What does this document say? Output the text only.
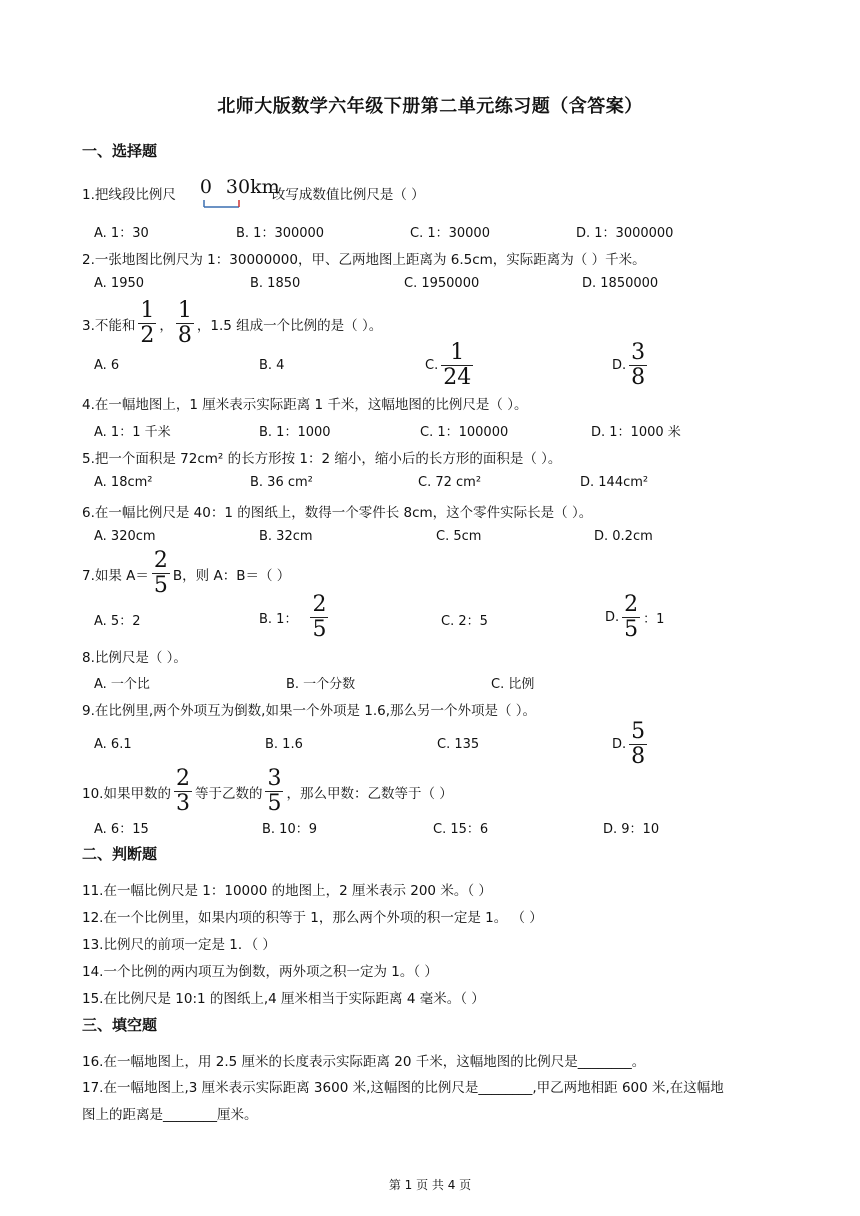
北师大版数学六年级下册第二单元练习题（含答案）
一、选择题
1.把线段比例尺 0 30km
改写成数值比例尺是（ ）
A. 1：30	B. 1：300000	C. 1：30000	D. 1：3000000
2.一张地图比例尺为 1：30000000，甲、乙两地图上距离为 6.5cm，实际距离为（ ）千米。
A. 1950	B. 1850	C. 1950000	D. 1850000
3.不能和 $\frac{1}{2}$ ， $\frac{1}{8}$ ，1.5 组成一个比例的是（ ）。
A. 6	B. 4	C. $\frac{1}{24}$	D. $\frac{3}{8}$
4.在一幅地图上，1 厘米表示实际距离 1 千米，这幅地图的比例尺是（ ）。
A. 1：1 千米	B. 1：1000	C. 1：100000	D. 1：1000 米
5.把一个面积是 72cm² 的长方形按 1：2 缩小，缩小后的长方形的面积是（ ）。
A. 18cm²	B. 36 cm²	C. 72 cm²	D. 144cm²
6.在一幅比例尺是 40：1 的图纸上，数得一个零件长 8cm，这个零件实际长是（ ）。
A. 320cm	B. 32cm	C. 5cm	D. 0.2cm
7.如果 $A= \frac{2}{5}$ B，则 A：B＝（ ）
A. 5：2	B. 1： $\frac{2}{5}$	C. 2：5	D. $\frac{2}{5}$ ：1
8.比例尺是（ ）。
A. 一个比	B. 一个分数	C. 比例
9.在比例里,两个外项互为倒数,如果一个外项是 1.6,那么另一个外项是（ ）。
A. 6.1	B. 1.6	C. 135	D. $\frac{5}{8}$
10.如果甲数的 $\frac{2}{3}$ 等于乙数的 $\frac{3}{5}$ ，那么甲数：乙数等于（ ）
A. 6：15	B. 10：9	C. 15：6	D. 9：10
二、判断题
11.在一幅比例尺是 1：10000 的地图上，2 厘米表示 200 米。（ ）
12.在一个比例里，如果内项的积等于 1，那么两个外项的积一定是 1。 （ ）
13.比例尺的前项一定是 1．（ ）
14.一个比例的两内项互为倒数，两外项之积一定为 1。（ ）
15.在比例尺是 10:1 的图纸上,4 厘米相当于实际距离 4 毫米。（ ）
三、填空题
16.在一幅地图上，用 2.5 厘米的长度表示实际距离 20 千米，这幅地图的比例尺是________。
17.在一幅地图上,3 厘米表示实际距离 3600 米,这幅图的比例尺是________,甲乙两地相距 600 米,在这幅地
图上的距离是________厘米。
第 1 页 共 4 页
